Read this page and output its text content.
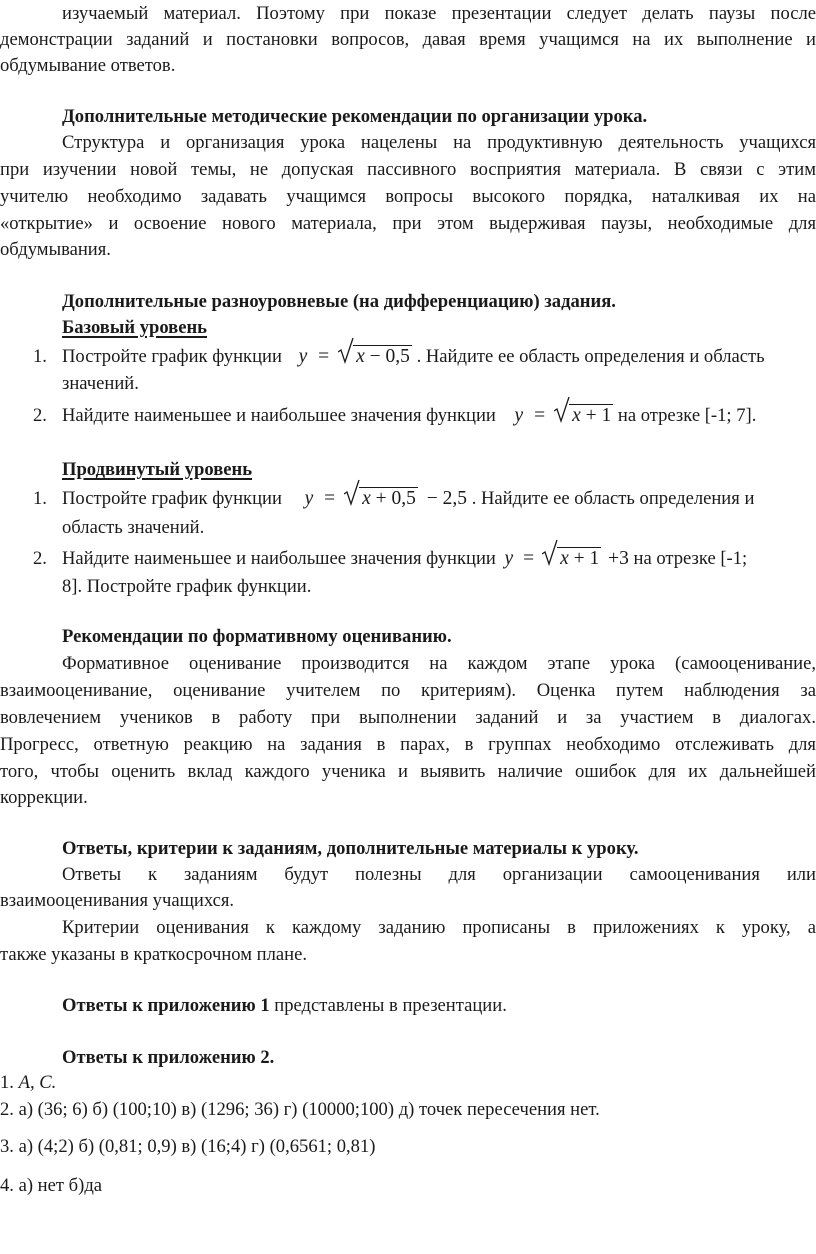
изучаемый материал. Поэтому при показе презентации следует делать паузы после
демонстрации заданий и постановки вопросов, давая время учащимся на их выполнение и
обдумывание ответов.
Дополнительные методические рекомендации по организации урока.
Структура и организация урока нацелены на продуктивную деятельность учащихся
при изучении новой темы, не допуская пассивного восприятия материала. В связи с этим
учителю необходимо задавать учащимся вопросы высокого порядка, наталкивая их на
«открытие» и освоение нового материала, при этом выдерживая паузы, необходимые для
обдумывания.
Дополнительные разноуровневые (на дифференциацию) задания.
Базовый уровень
1. Постройте график функции y = x − 0,5 . Найдите ее область определения и область
значений.
2. Найдите наименьшее и наибольшее значения функции y = x + 1 на отрезке [-1; 7].
Продвинутый уровень
1. Постройте график функции y = x + 0,5 − 2,5 . Найдите ее область определения и
область значений.
2. Найдите наименьшее и наибольшее значения функции y = x + 1 +3 на отрезке [-1;
8]. Постройте график функции.
Рекомендации по формативному оцениванию.
Формативное оценивание производится на каждом этапе урока (самооценивание,
взаимооценивание, оценивание учителем по критериям). Оценка путем наблюдения за
вовлечением учеников в работу при выполнении заданий и за участием в диалогах.
Прогресс, ответную реакцию на задания в парах, в группах необходимо отслеживать для
того, чтобы оценить вклад каждого ученика и выявить наличие ошибок для их дальнейшей
коррекции.
Ответы, критерии к заданиям, дополнительные материалы к уроку.
Ответы к заданиям будут полезны для организации самооценивания или
взаимооценивания учащихся.
Критерии оценивания к каждому заданию прописаны в приложениях к уроку, а
также указаны в краткосрочном плане.
Ответы к приложению 1 представлены в презентации.
Ответы к приложению 2.
1. A, C.
2. а) (36; 6) б) (100;10) в) (1296; 36) г) (10000;100) д) точек пересечения нет.
3. а) (4;2) б) (0,81; 0,9) в) (16;4) г) (0,6561; 0,81)
4. а) нет б)да
